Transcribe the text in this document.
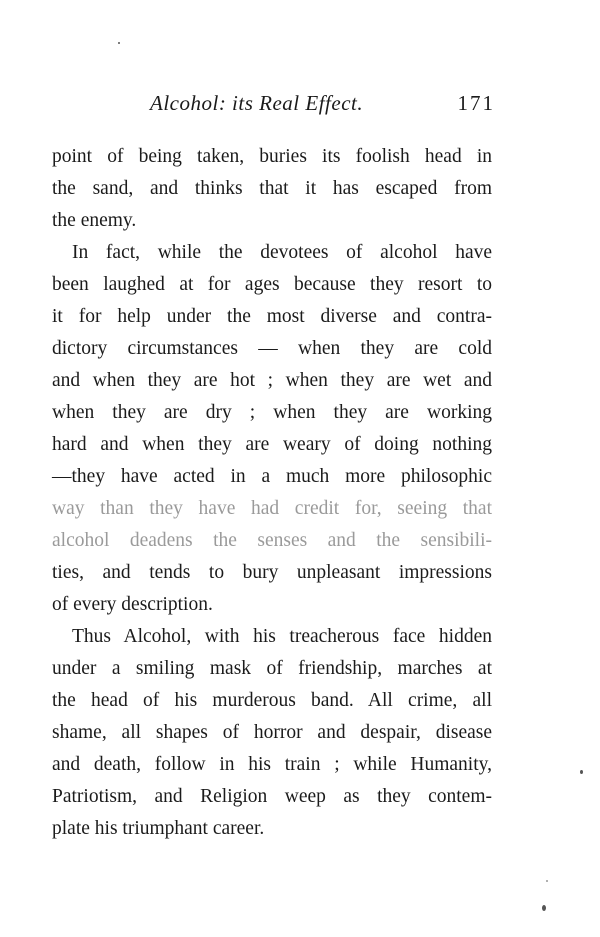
Alcohol: its Real Effect.	171
point of being taken, buries its foolish head in
the sand, and thinks that it has escaped from
the enemy.
In fact, while the devotees of alcohol have
been laughed at for ages because they resort to
it for help under the most diverse and contra-
dictory circumstances — when they are cold
and when they are hot ; when they are wet and
when they are dry ; when they are working
hard and when they are weary of doing nothing
—they have acted in a much more philosophic
way than they have had credit for, seeing that
alcohol deadens the senses and the sensibili-
ties, and tends to bury unpleasant impressions
of every description.
Thus Alcohol, with his treacherous face hidden
under a smiling mask of friendship, marches at
the head of his murderous band. All crime, all
shame, all shapes of horror and despair, disease
and death, follow in his train ; while Humanity,
Patriotism, and Religion weep as they contem-
plate his triumphant career.
